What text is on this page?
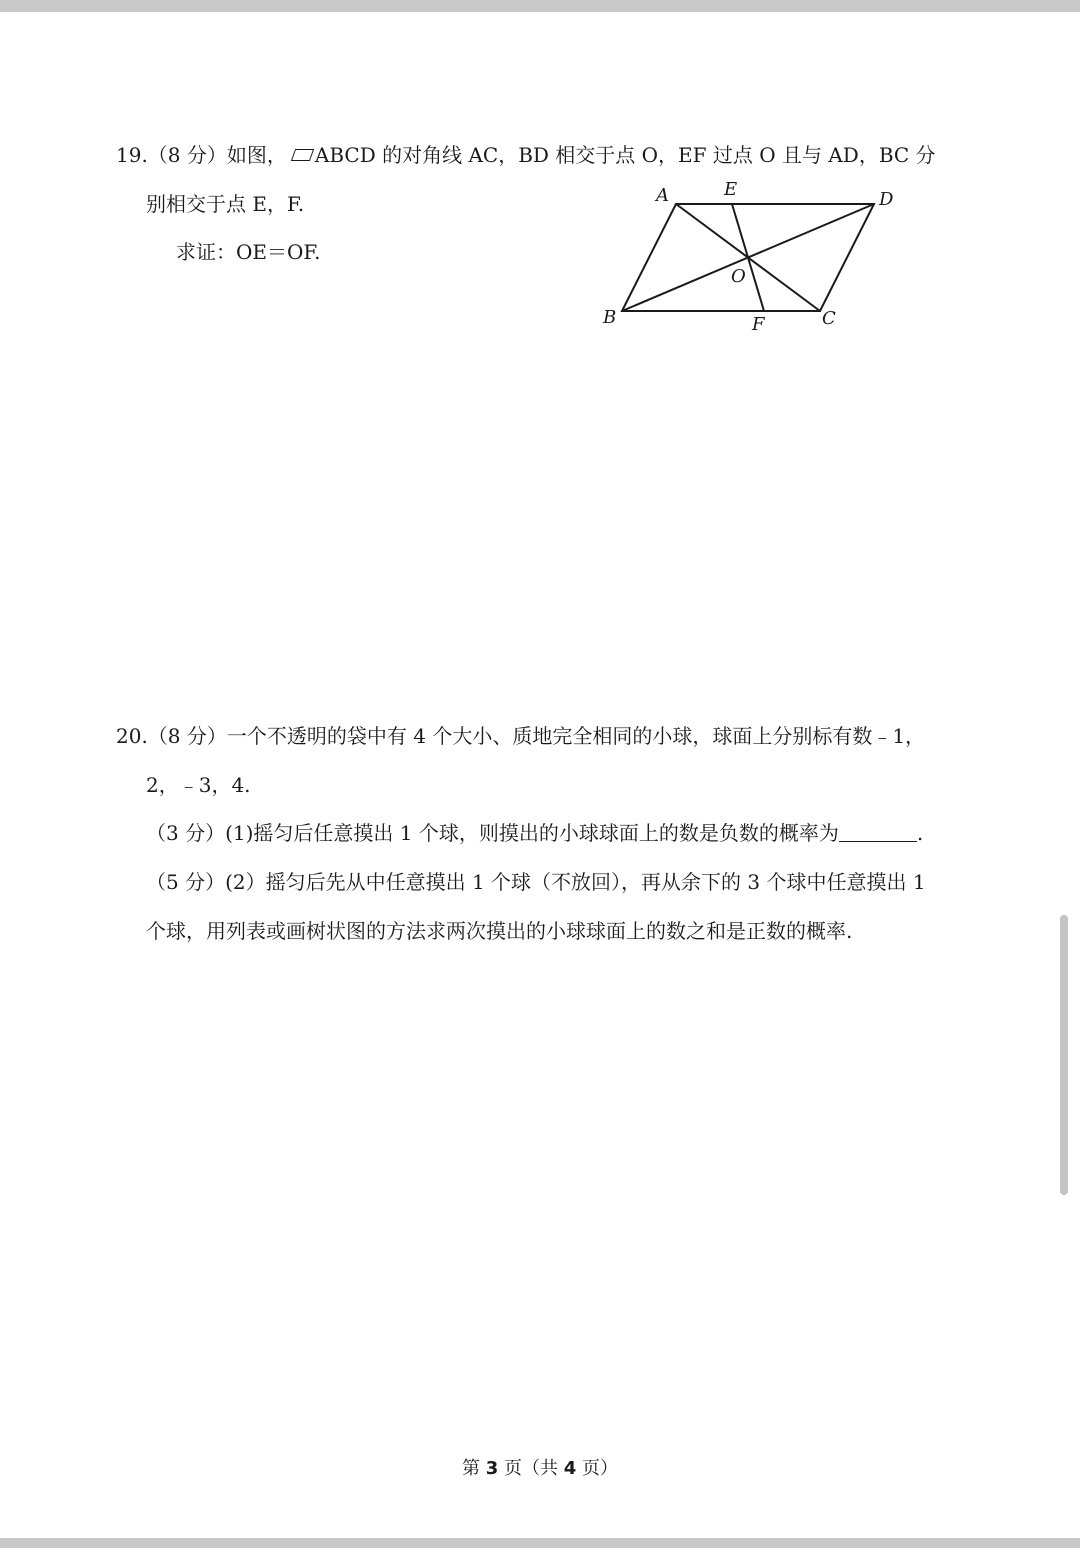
19.（8 分）如图， ABCD 的对角线 AC，BD 相交于点 O，EF 过点 O 且与 AD，BC 分
别相交于点 E，F.
求证：OE＝OF.
A	E	D
O
B	F	C
20.（8 分）一个不透明的袋中有 4 个大小、质地完全相同的小球，球面上分别标有数﹣1，
2，﹣3，4.
（3 分）(1)摇匀后任意摸出 1 个球，则摸出的小球球面上的数是负数的概率为	.
（5 分）(2）摇匀后先从中任意摸出 1 个球（不放回），再从余下的 3 个球中任意摸出 1
个球，用列表或画树状图的方法求两次摸出的小球球面上的数之和是正数的概率.
第 3 页（共 4 页）
